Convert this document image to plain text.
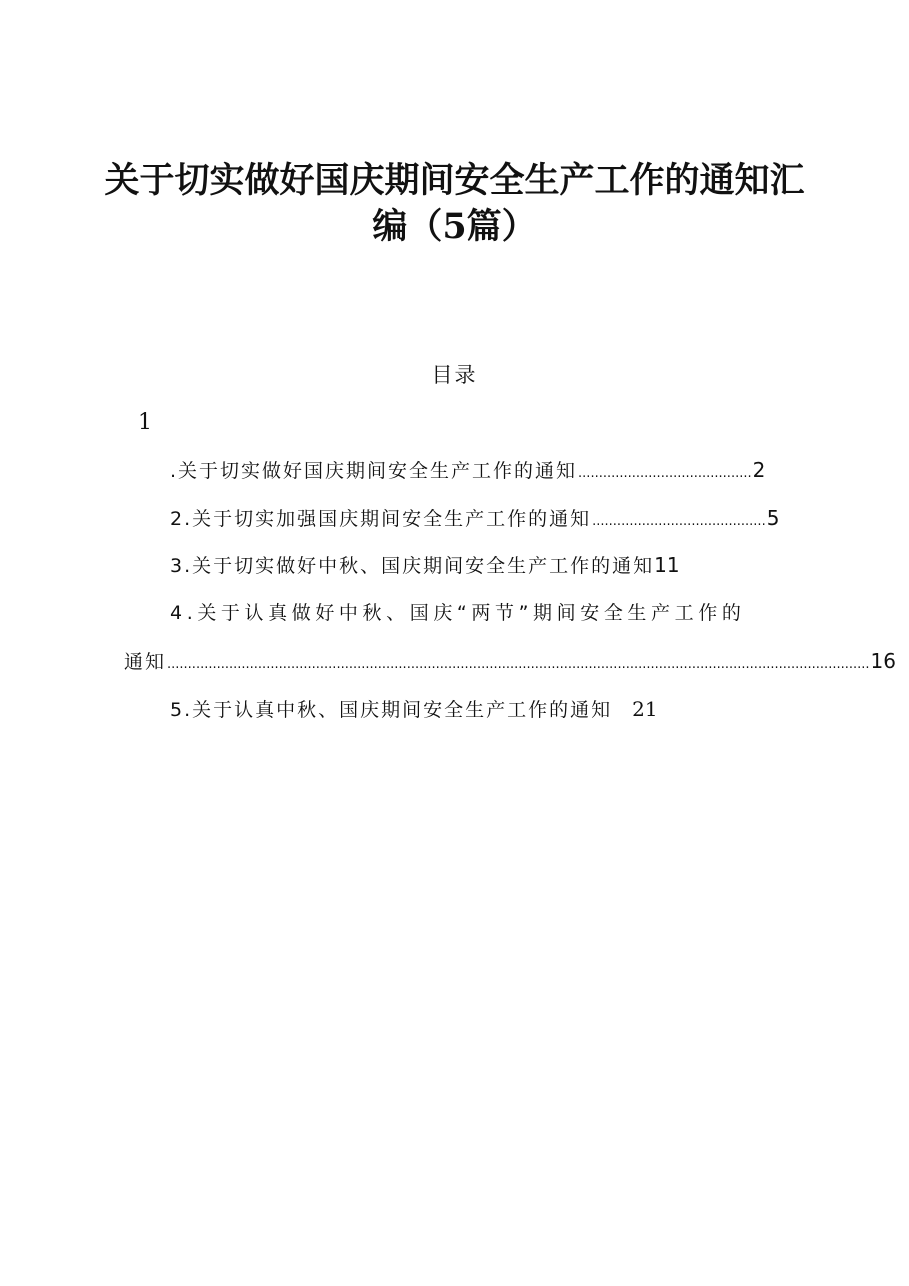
关于切实做好国庆期间安全生产工作的通知汇
编（5篇）
目录
1
.关于切实做好国庆期间安全生产工作的通知 .......................................... 2
2.关于切实加强国庆期间安全生产工作的通知 .......................................... 5
3.关于切实做好中秋、国庆期间安全生产工作的通知 11
4.关于认真做好中秋、国庆“两节”期间安全生产工作的
通知 .......................................................................................................................................................................... 16
5.关于认真中秋、国庆期间安全生产工作的通知 21
